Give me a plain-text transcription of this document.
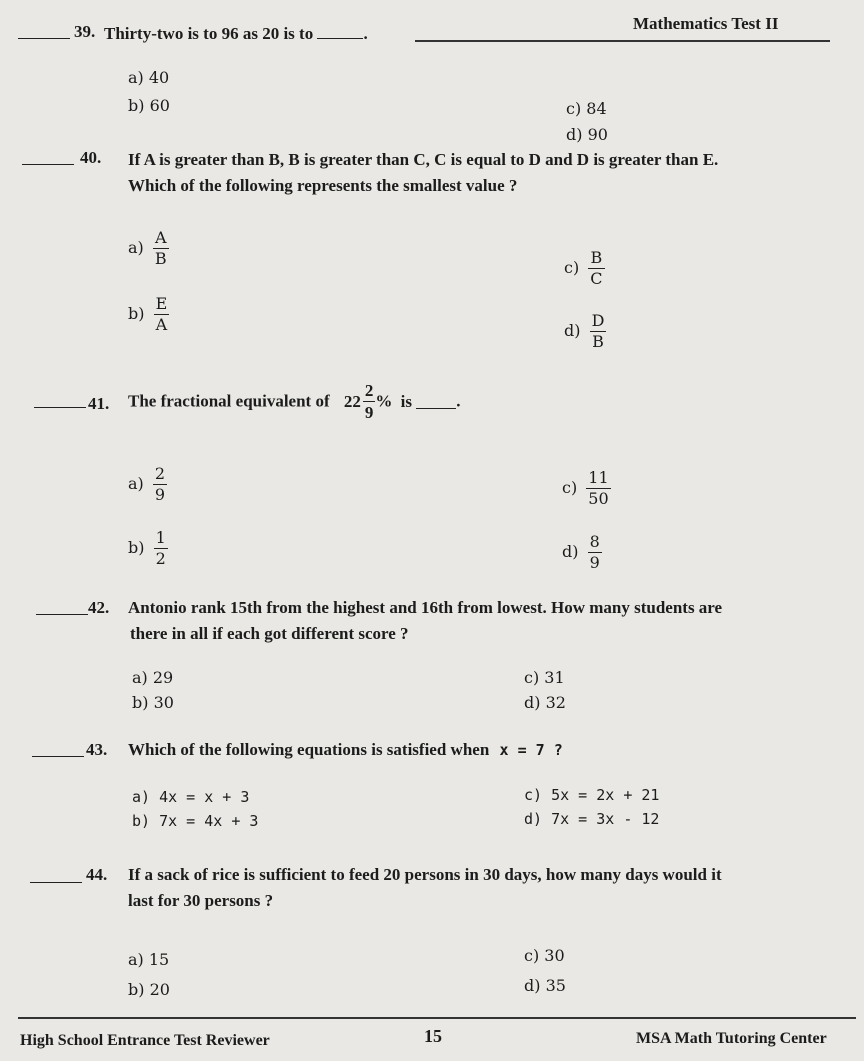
Mathematics Test II
39. Thirty-two is to 96 as 20 is to	.
a) 40
b) 60	c) 84
d) 90
40. If A is greater than B, B is greater than C, C is equal to D and D is greater than E.
Which of the following represents the smallest value ?
$a) \frac{A}{B}$
$b) \frac{E}{A}$
$c) \frac{B}{C}$
$d) \frac{D}{B}$
41. The fractional equivalent of $22 \frac{2}{9}$ % is	.
$a) \frac{2}{9}$
$b) \frac{1}{2}$
$c) \frac{11}{50}$
$d) \frac{8}{9}$
42. Antonio rank 15th from the highest and 16th from lowest. How many students are
there in all if each got different score ?
a) 29
b) 30
c) 31
d) 32
43. Which of the following equations is satisfied when x = 7 ?
a) 4x = x + 3
b) 7x = 4x + 3
c) 5x = 2x + 21
d) 7x = 3x - 12
44. If a sack of rice is sufficient to feed 20 persons in 30 days, how many days would it
last for 30 persons ?
a) 15
b) 20
c) 30
d) 35
High School Entrance Test Reviewer	15	MSA Math Tutoring Center
